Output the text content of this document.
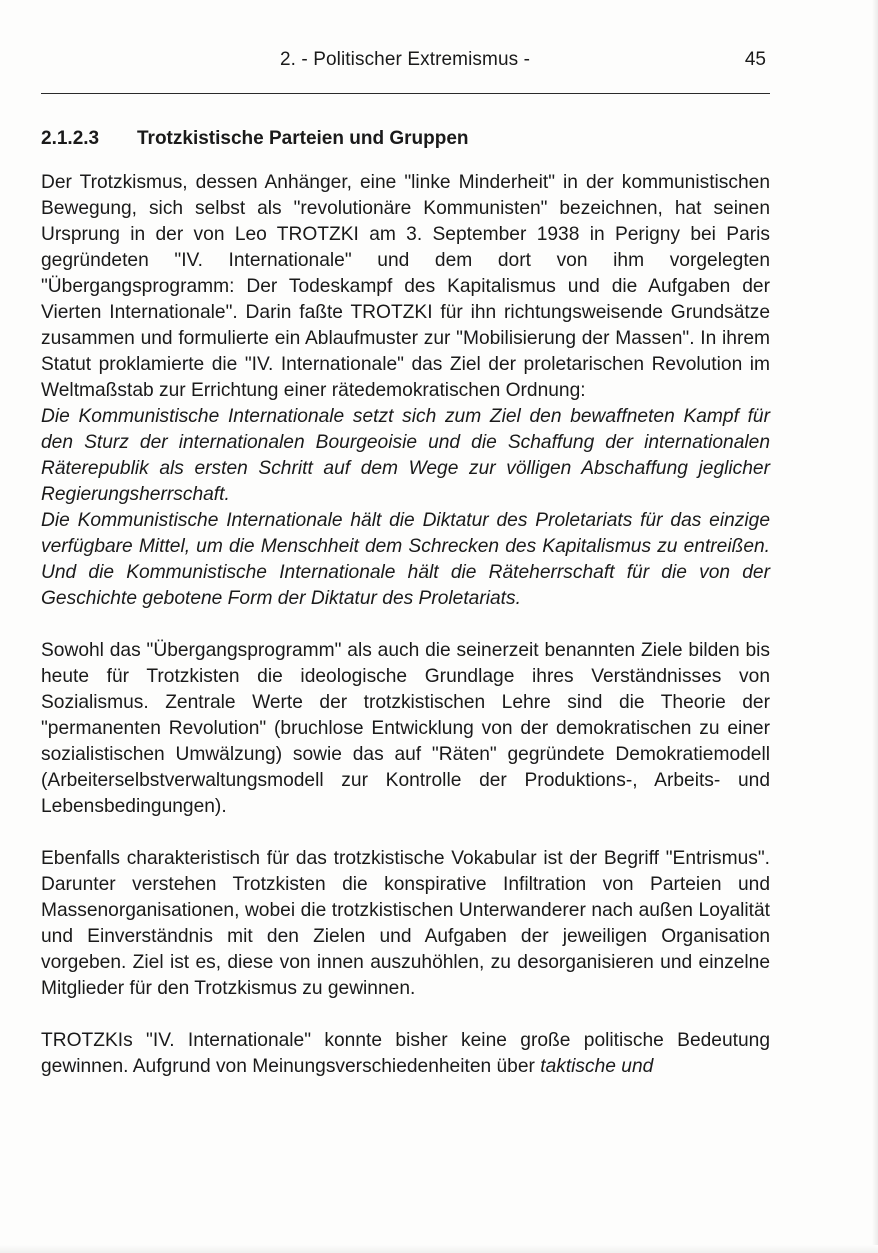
2. - Politischer Extremismus -	45
2.1.2.3 Trotzkistische Parteien und Gruppen

Der Trotzkismus, dessen Anhänger, eine "linke Minderheit" in der kommunistischen Bewegung, sich selbst als "revolutionäre Kommunisten" bezeichnen, hat seinen Ursprung in der von Leo TROTZKI am 3. September 1938 in Perigny bei Paris gegründeten "IV. Internationale" und dem dort von ihm vorgelegten "Übergangsprogramm: Der Todeskampf des Kapitalismus und die Aufgaben der Vierten Internationale". Darin faßte TROTZKI für ihn richtungsweisende Grundsätze zusammen und formulierte ein Ablaufmuster zur "Mobilisierung der Massen". In ihrem Statut proklamierte die "IV. Internationale" das Ziel der proletarischen Revolution im Weltmaßstab zur Errichtung einer rätedemokratischen Ordnung:

Die Kommunistische Internationale setzt sich zum Ziel den bewaffneten Kampf für den Sturz der internationalen Bourgeoisie und die Schaffung der internationalen Räterepublik als ersten Schritt auf dem Wege zur völligen Abschaffung jeglicher Regierungsherrschaft.

Die Kommunistische Internationale hält die Diktatur des Proletariats für das einzige verfügbare Mittel, um die Menschheit dem Schrecken des Kapitalismus zu entreißen. Und die Kommunistische Internationale hält die Räteherrschaft für die von der Geschichte gebotene Form der Diktatur des Proletariats.

Sowohl das "Übergangsprogramm" als auch die seinerzeit benannten Ziele bilden bis heute für Trotzkisten die ideologische Grundlage ihres Verständnisses von Sozialismus. Zentrale Werte der trotzkistischen Lehre sind die Theorie der "permanenten Revolution" (bruchlose Entwicklung von der demokratischen zu einer sozialistischen Umwälzung) sowie das auf "Räten" gegründete Demokratiemodell (Arbeiterselbstverwaltungsmodell zur Kontrolle der Produktions-, Arbeits- und Lebensbedingungen).

Ebenfalls charakteristisch für das trotzkistische Vokabular ist der Begriff "Entrismus". Darunter verstehen Trotzkisten die konspirative Infiltration von Parteien und Massenorganisationen, wobei die trotzkistischen Unterwanderer nach außen Loyalität und Einverständnis mit den Zielen und Aufgaben der jeweiligen Organisation vorgeben. Ziel ist es, diese von innen auszuhöhlen, zu desorganisieren und einzelne Mitglieder für den Trotzkismus zu gewinnen.

TROTZKIs "IV. Internationale" konnte bisher keine große politische Bedeutung gewinnen. Aufgrund von Meinungsverschiedenheiten über taktische und
